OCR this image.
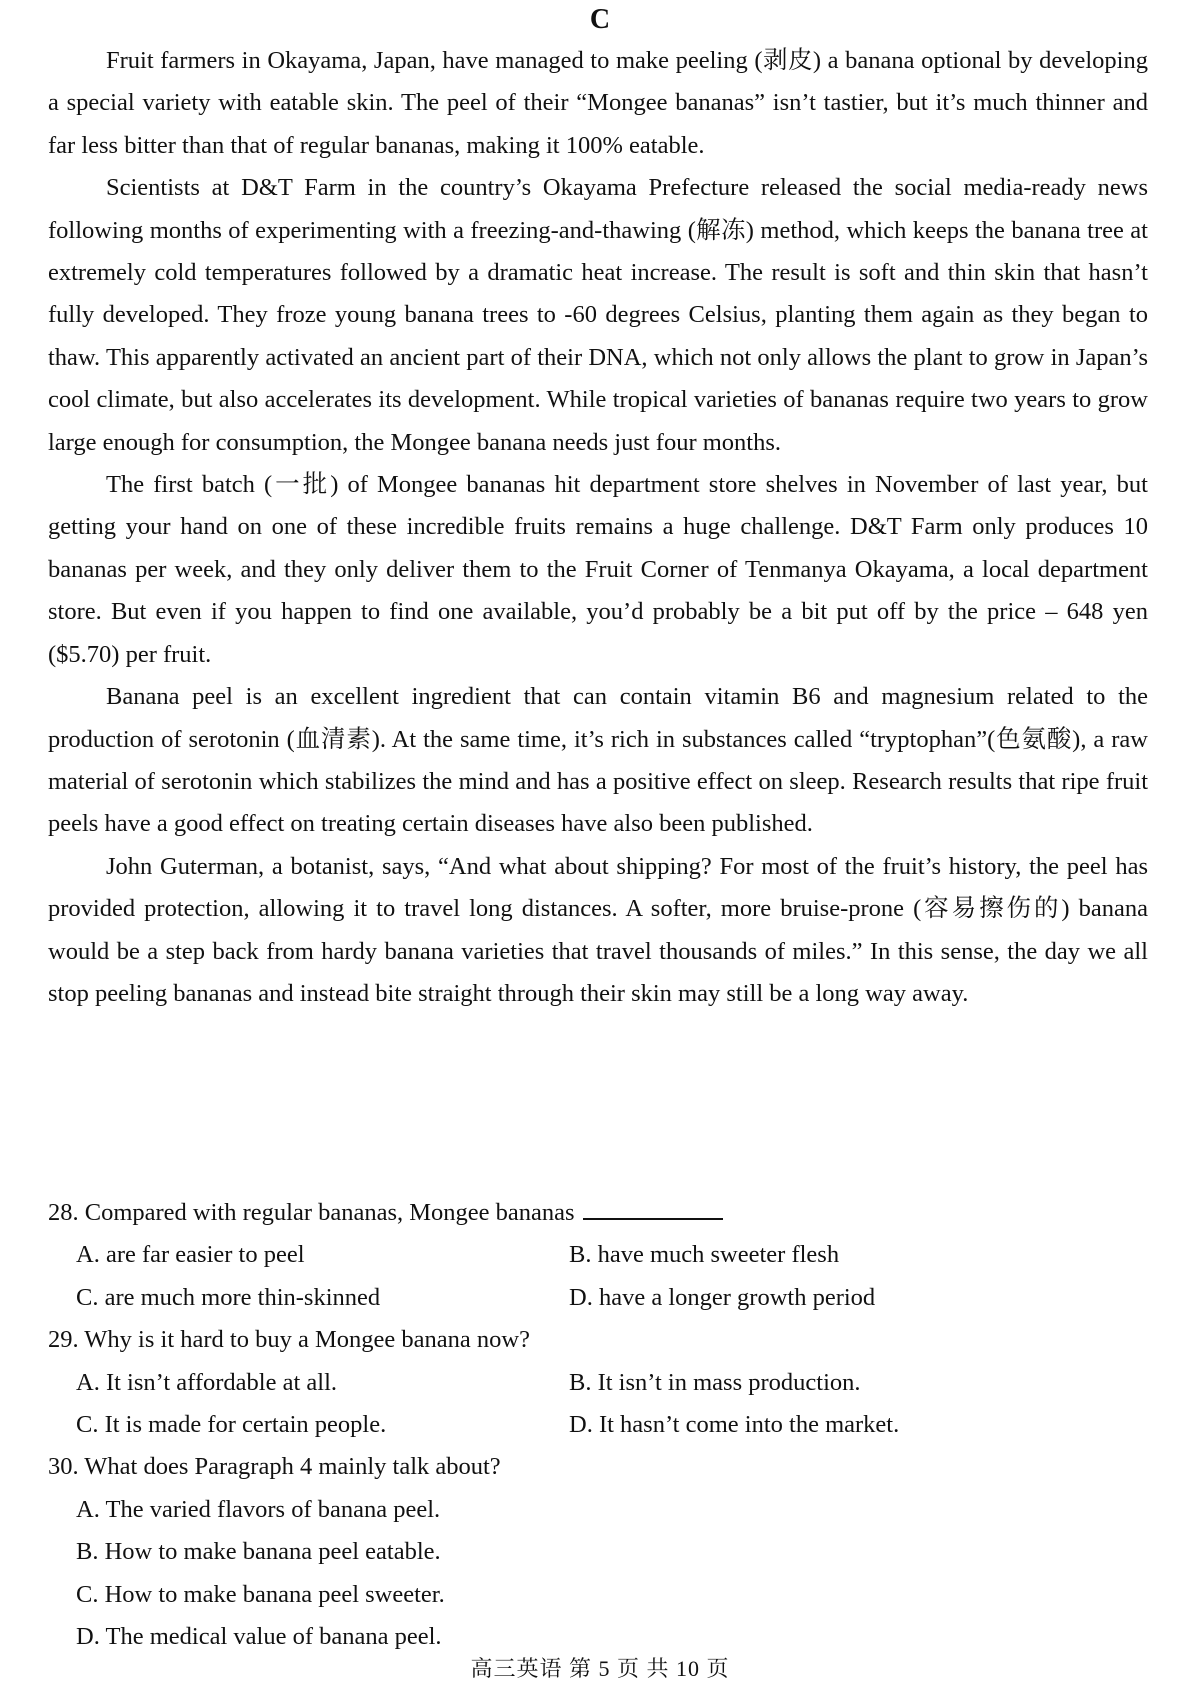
C

Fruit farmers in Okayama, Japan, have managed to make peeling (剥皮) a banana optional by developing a special variety with eatable skin. The peel of their “Mongee bananas” isn’t tastier, but it’s much thinner and far less bitter than that of regular bananas, making it 100% eatable.

Scientists at D&T Farm in the country’s Okayama Prefecture released the social media-ready news following months of experimenting with a freezing-and-thawing (解冻) method, which keeps the banana tree at extremely cold temperatures followed by a dramatic heat increase. The result is soft and thin skin that hasn’t fully developed. They froze young banana trees to -60 degrees Celsius, planting them again as they began to thaw. This apparently activated an ancient part of their DNA, which not only allows the plant to grow in Japan’s cool climate, but also accelerates its development. While tropical varieties of bananas require two years to grow large enough for consumption, the Mongee banana needs just four months.

The first batch (一批) of Mongee bananas hit department store shelves in November of last year, but getting your hand on one of these incredible fruits remains a huge challenge. D&T Farm only produces 10 bananas per week, and they only deliver them to the Fruit Corner of Tenmanya Okayama, a local department store. But even if you happen to find one available, you’d probably be a bit put off by the price – 648 yen ($5.70) per fruit.

Banana peel is an excellent ingredient that can contain vitamin B6 and magnesium related to the production of serotonin (血清素). At the same time, it’s rich in substances called “tryptophan”(色氨酸), a raw material of serotonin which stabilizes the mind and has a positive effect on sleep. Research results that ripe fruit peels have a good effect on treating certain diseases have also been published.

John Guterman, a botanist, says, “And what about shipping? For most of the fruit’s history, the peel has provided protection, allowing it to travel long distances. A softer, more bruise-prone (容易擦伤的) banana would be a step back from hardy banana varieties that travel thousands of miles.” In this sense, the day we all stop peeling bananas and instead bite straight through their skin may still be a long way away.

28. Compared with regular bananas, Mongee bananas

A. are far easier to peel	B. have much sweeter flesh
C. are much more thin-skinned	D. have a longer growth period

29. Why is it hard to buy a Mongee banana now?

A. It isn’t affordable at all.	B. It isn’t in mass production.
C. It is made for certain people.	D. It hasn’t come into the market.

30. What does Paragraph 4 mainly talk about?

A. The varied flavors of banana peel.

B. How to make banana peel eatable.

C. How to make banana peel sweeter.

D. The medical value of banana peel.

高三英语 第 5 页 共 10 页
